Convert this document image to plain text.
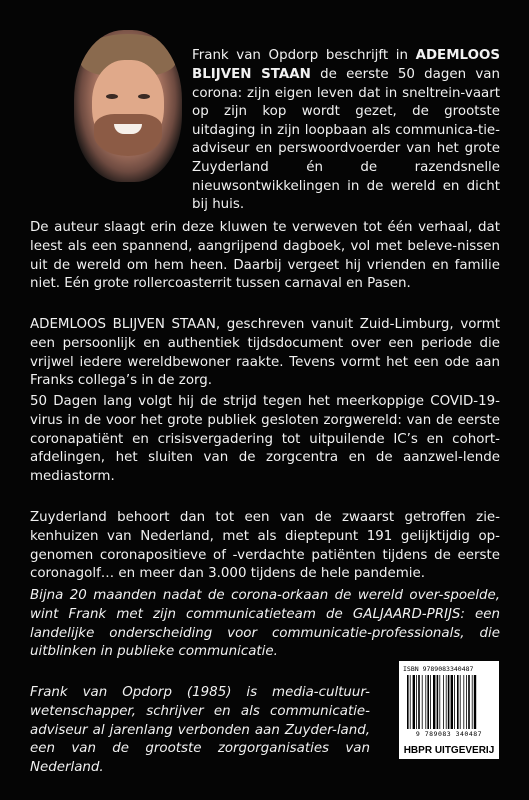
Frank van Opdorp beschrijft in ADEMLOOS BLIJVEN STAAN de eerste 50 dagen van corona: zijn eigen leven dat in sneltrein-vaart op zijn kop wordt gezet, de grootste uitdaging in zijn loopbaan als communica-tie-adviseur en perswoordvoerder van het grote Zuyderland én de razendsnelle nieuwsontwikkelingen in de wereld en dicht bij huis.

De auteur slaagt erin deze kluwen te verweven tot één verhaal, dat leest als een spannend, aangrijpend dagboek, vol met beleve-nissen uit de wereld om hem heen. Daarbij vergeet hij vrienden en familie niet. Eén grote rollercoasterrit tussen carnaval en Pasen.

ADEMLOOS BLIJVEN STAAN, geschreven vanuit Zuid-Limburg, vormt een persoonlijk en authentiek tijdsdocument over een periode die vrijwel iedere wereldbewoner raakte. Tevens vormt het een ode aan Franks collega’s in de zorg.

50 Dagen lang volgt hij de strijd tegen het meerkoppige COVID-19-virus in de voor het grote publiek gesloten zorgwereld: van de eerste coronapatiënt en crisisvergadering tot uitpuilende IC’s en cohort-afdelingen, het sluiten van de zorgcentra en de aanzwel-lende mediastorm.

Zuyderland behoort dan tot een van de zwaarst getroffen zie-kenhuizen van Nederland, met als dieptepunt 191 gelijktijdig op-genomen coronapositieve of -verdachte patiënten tijdens de eerste coronagolf… en meer dan 3.000 tijdens de hele pandemie.

Bijna 20 maanden nadat de corona-orkaan de wereld over-spoelde, wint Frank met zijn communicatieteam de GALJAARD-PRIJS: een landelijke onderscheiding voor communicatie-professionals, die uitblinken in publieke communicatie.

Frank van Opdorp (1985) is media-cultuur-wetenschapper, schrijver en als communicatie-adviseur al jarenlang verbonden aan Zuyder-land, een van de grootste zorgorganisaties van Nederland.

ISBN 9789083340487
9 789083 340487
HBPR UITGEVERIJ
